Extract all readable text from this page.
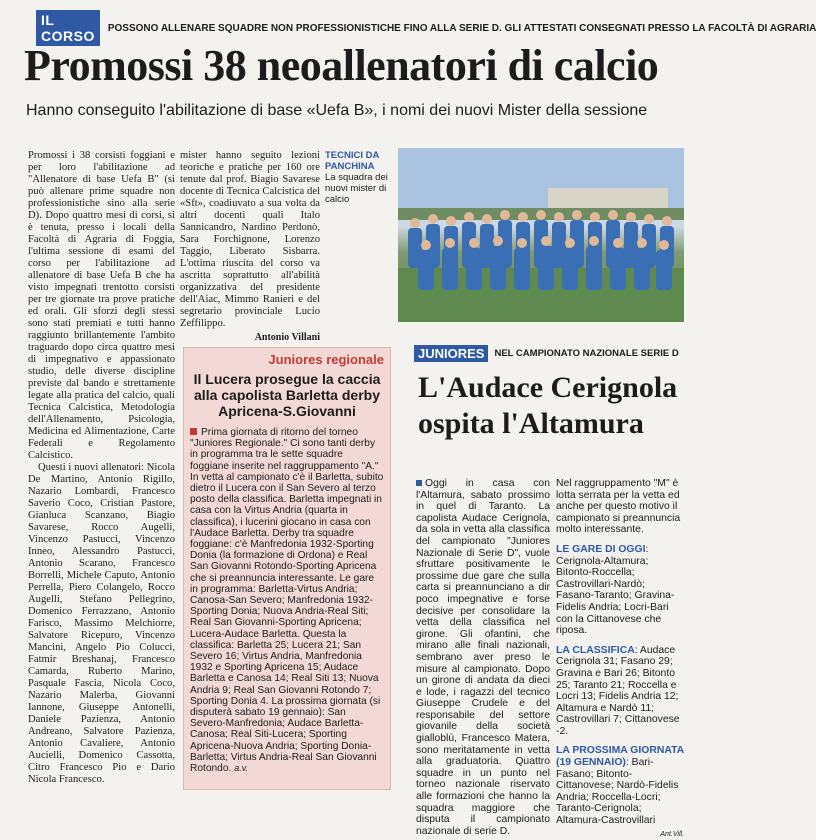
IL CORSO	POSSONO ALLENARE SQUADRE NON PROFESSIONISTICHE FINO ALLA SERIE D. GLI ATTESTATI CONSEGNATI PRESSO LA FACOLTÀ DI AGRARIA
Promossi 38 neoallenatori di calcio
Hanno conseguito l'abilitazione di base «Uefa B», i nomi dei nuovi Mister della sessione

Promossi i 38 corsisti foggiani e per loro l'abilitazione ad "Allenatore di base Uefa B" (si può allenare prime squadre non professionistiche sino alla serie D). Dopo quattro mesi di corsi, si è tenuta, presso i locali della Facoltà di Agraria di Foggia, l'ultima sessione di esami del corso per l'abilitazione ad allenatore di base Uefa B che ha visto impegnati trentotto corsisti per tre giornate tra prove pratiche ed orali. Gli sforzi degli stessi sono stati premiati e tutti hanno raggiunto brillantemente l'ambito traguardo dopo circa quattro mesi di impegnativo e appassionato studio, delle diverse discipline previste dal bando e strettamente legate alla pratica del calcio, quali Tecnica Calcistica, Metodologia dell'Allenamento, Psicologia, Medicina ed Alimentazione, Carte Federali e Regolamento Calcistico.

Questi i nuovi allenatori: Nicola De Martino, Antonio Rigillo, Nazario Lombardi, Francesco Saverio Coco, Cristian Pastore, Gianluca Scanzano, Biagio Savarese, Rocco Augelli, Vincenzo Pastucci, Vincenzo Inneo, Alessandro Pastucci, Antonio Scarano, Francesco Borrelli, Michele Caputo, Antonio Perrella, Piero Colangelo, Rocco Augelli, Stefano Pellegrino, Domenico Ferrazzano, Antonio Farisco, Massimo Melchiorre, Salvatore Ricepuro, Vincenzo Mancini, Angelo Pio Colucci, Fatmir Breshanaj, Francesco Camarda, Ruberto Marino, Pasquale Fascia, Nicola Coco, Nazario Malerba, Giovanni Iannone, Giuseppe Antonelli, Daniele Pazienza, Antonio Andreano, Salvatore Pazienza, Antonio Cavaliere, Antonio Aucielli, Domenico Cassotta, Citro Francesco Pio e Dario Nicola Francesco.

mister hanno seguito lezioni teoriche e pratiche per 160 ore tenute dal prof. Biagio Savarese docente di Tecnica Calcistica del «Sft», coadiuvato a sua volta da altri docenti quali Italo Sannicandro, Nardino Perdonò, Sara Forchignone, Lorenzo Taggio, Liberato Sisbarra. L'ottima riuscita del corso va ascritta soprattutto all'abilità organizzativa del presidente dell'Aiac, Mimmo Ranieri e del segretario provinciale Lucio Zeffilippo.

Antonio Villani
TECNICI DA PANCHINA
La squadra dei nuovi mister di calcio
Juniores regionale
Il Lucera prosegue la caccia alla capolista Barletta derby Apricena-S.Giovanni
Prima giornata di ritorno del torneo "Juniores Regionale." Ci sono tanti derby in programma tra le sette squadre foggiane inserite nel raggruppamento "A." In vetta al campionato c'è il Barletta, subito dietro il Lucera con il San Severo al terzo posto della classifica. Barletta impegnati in casa con la Virtus Andria (quarta in classifica), i lucerini giocano in casa con l'Audace Barletta. Derby tra squadre foggiane: c'è Manfredonia 1932-Sporting Donia (la formazione di Ordona) e Real San Giovanni Rotondo-Sporting Apricena che si preannuncia interessante. Le gare in programma: Barletta-Virtus Andria; Canosa-San Severo; Manfredonia 1932-Sporting Donia; Nuova Andria-Real Siti; Real San Giovanni-Sporting Apricena; Lucera-Audace Barletta. Questa la classifica: Barletta 25; Lucera 21; San Severo 16; Virtus Andria, Manfredonia 1932 e Sporting Apricena 15; Audace Barletta e Canosa 14; Real Siti 13; Nuova Andria 9; Real San Giovanni Rotondo 7; Sporting Donia 4. La prossima giornata (si disputerà sabato 19 gennaio): San Severo-Manfredonia; Audace Barletta-Canosa; Real Siti-Lucera; Sporting Apricena-Nuova Andria; Sporting Donia-Barletta; Virtus Andria-Real San Giovanni Rotondo. a.v.
JUNIORES	NEL CAMPIONATO NAZIONALE SERIE D
L'Audace Cerignola ospita l'Altamura
Oggi in casa con l'Altamura, sabato prossimo in quel di Taranto. La capolista Audace Cerignola, da sola in vetta alla classifica del campionato "Juniores Nazionale di Serie D", vuole sfruttare positivamente le prossime due gare che sulla carta si preannunciano a dir poco impegnative e forse decisive per consolidare la vetta della classifica nel girone. Gli ofantini, che mirano alle finali nazionali, sembrano aver preso le misure al campionato. Dopo un girone di andata da dieci e lode, i ragazzi del tecnico Giuseppe Crudele e del responsabile del settore giovanile della società gialloblù, Francesco Matera, sono meritatamente in vetta alla graduatoria. Quattro squadre in un punto nel torneo nazionale riservato alle formazioni che hanno la squadra maggiore che disputa il campionato nazionale di serie D.
Nel raggruppamento "M" è lotta serrata per la vetta ed anche per questo motivo il campionato si preannuncia molto interessante.
LE GARE DI OGGI: Cerignola-Altamura; Bitonto-Roccella; Castrovillari-Nardò; Fasano-Taranto; Gravina-Fidelis Andria; Locri-Bari con la Cittanovese che riposa.
LA CLASSIFICA: Audace Cerignola 31; Fasano 29; Gravina e Bari 26; Bitonto 25; Taranto 21; Roccella e Locri 13; Fidelis Andria 12; Altamura e Nardò 11; Castrovillari 7; Cittanovese -2.
LA PROSSIMA GIORNATA (19 GENNAIO): Bari-Fasano; Bitonto-Cittanovese; Nardò-Fidelis Andria; Roccella-Locri; Taranto-Cerignola; Altamura-Castrovillari
Ant.Vill.
